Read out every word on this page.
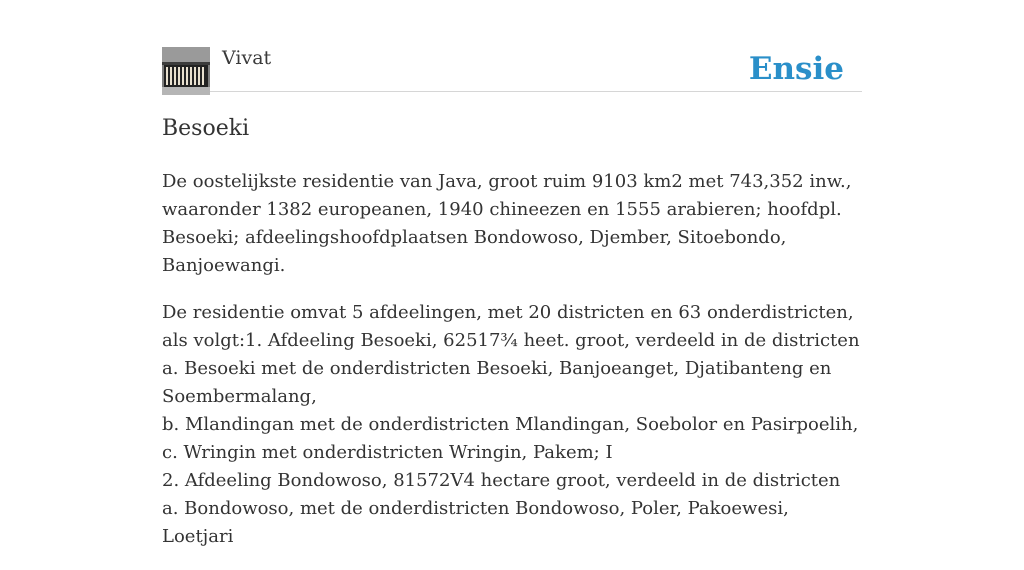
Vivat	Ensie
Besoeki

De oostelijkste residentie van Java, groot ruim 9103 km2 met 743,352 inw., waaronder 1382 europeanen, 1940 chineezen en 1555 arabieren; hoofdpl. Besoeki; afdeelingshoofdplaatsen Bondowoso, Djember, Sitoebondo, Banjoewangi.

De residentie omvat 5 afdeelingen, met 20 districten en 63 onderdistricten, als volgt:1. Afdeeling Besoeki, 62517¾ heet. groot, verdeeld in de districten
a. Besoeki met de onderdistricten Besoeki, Banjoeanget, Djatibanteng en Soembermalang,
b. Mlandingan met de onderdistricten Mlandingan, Soebolor en Pasirpoelih,
c. Wringin met onderdistricten Wringin, Pakem; I
2. Afdeeling Bondowoso, 81572V4 hectare groot, verdeeld in de districten
a. Bondowoso, met de onderdistricten Bondowoso, Poler, Pakoewesi, Loetjari
